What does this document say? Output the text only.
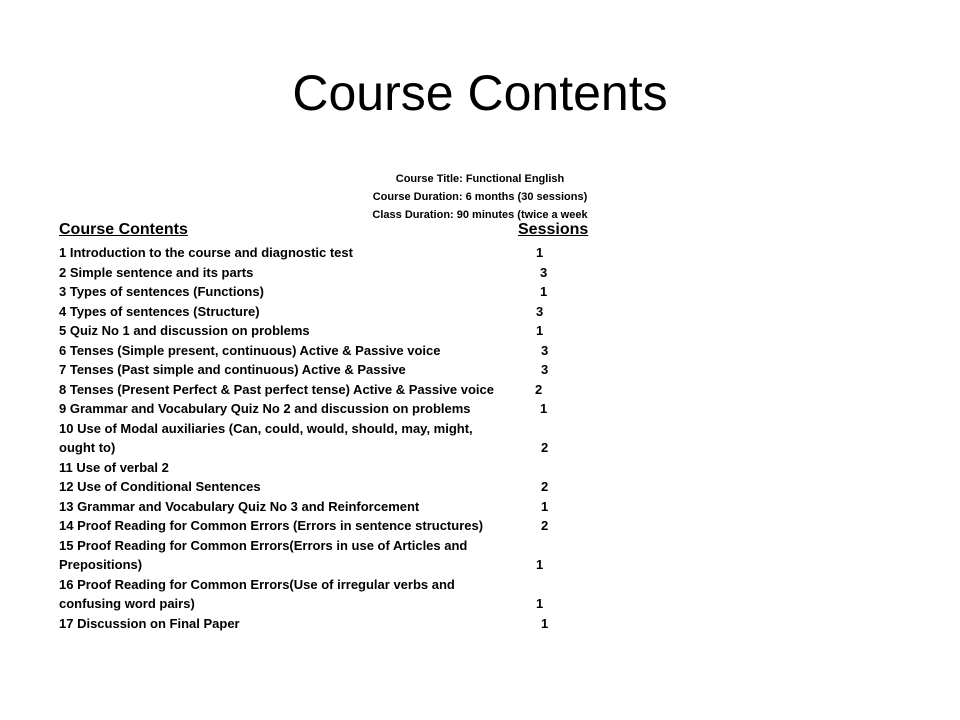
Course Contents
Course Title: Functional English
Course Duration: 6 months (30 sessions)
Class Duration: 90 minutes (twice a week
Course Contents	Sessions
1 Introduction to the course and diagnostic test	1
2 Simple sentence and its parts	3
3 Types of sentences (Functions)	1
4 Types of sentences (Structure)	3
5 Quiz No 1 and discussion on problems	1
6 Tenses (Simple present, continuous) Active & Passive voice	3
7 Tenses (Past simple and continuous) Active & Passive	3
8 Tenses (Present Perfect & Past perfect tense) Active & Passive voice	2
9 Grammar and Vocabulary Quiz No 2 and discussion on problems	1
10 Use of Modal auxiliaries (Can, could, would, should, may, might,
ought to)	2
11 Use of verbal 2
12 Use of Conditional Sentences	2
13 Grammar and Vocabulary Quiz No 3 and Reinforcement	1
14 Proof Reading for Common Errors (Errors in sentence structures)	2
15 Proof Reading for Common Errors(Errors in use of Articles and
Prepositions)	1
16 Proof Reading for Common Errors(Use of irregular verbs and
confusing word pairs)	1
17 Discussion on Final Paper	1
